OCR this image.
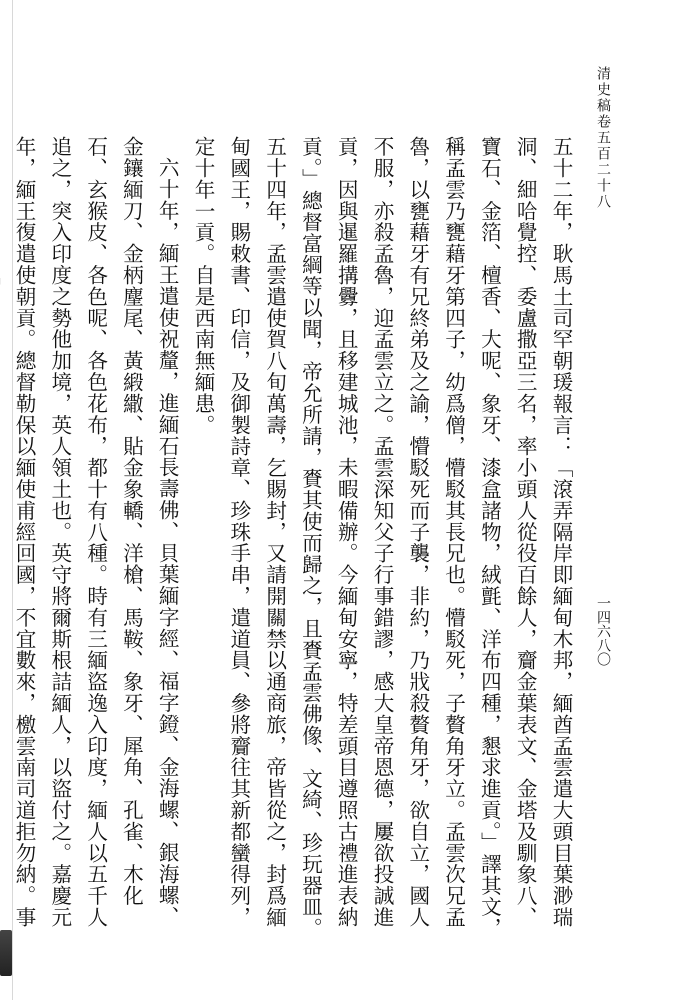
清史稿卷五百二十八
一四六八〇

五十二年，耿馬土司罕朝瑗報言：「滾弄隔岸即緬甸木邦，緬酋孟雲遣大頭目葉渺瑞洞、細哈覺控、委盧撒亞三名，率小頭人從役百餘人，齎金葉表文、金塔及馴象八、寶石、金箔、檀香、大呢、象牙、漆盒諸物，絨氈、洋布四種，懇求進貢。」譯其文，稱孟雲乃甕藉牙第四子，幼爲僧，懵駁其長兄也。懵駁死，子贅角牙立。孟雲次兄孟魯，以甕藉牙有兄終弟及之諭，懵駁死而子襲，非約，乃戕殺贅角牙，欲自立，國人不服，亦殺孟魯，迎孟雲立之。孟雲深知父子行事錯謬，感大皇帝恩德，屢欲投誠進貢，因與暹羅搆釁，且移建城池，未暇備辦。今緬甸安寧，特差頭目遵照古禮進表納貢。」總督富綱等以聞，帝允所請，賚其使而歸之，且賚孟雲佛像、文綺、珍玩器皿。五十四年，孟雲遣使賀八旬萬壽，乞賜封，又請開關禁以通商旅，帝皆從之，封爲緬甸國王，賜敕書、印信，及御製詩章、珍珠手串，遣道員、參將齎往其新都蠻得列，定十年一貢。自是西南無緬患。

六十年，緬王遣使祝釐，進緬石長壽佛、貝葉緬字經、福字鐙、金海螺、銀海螺、金鑲緬刀、金柄麈尾、黃緞繖、貼金象轎、洋槍、馬鞍、象牙、犀角、孔雀、木化石、玄猴皮、各色呢、各色花布，都十有八種。時有三緬盜逸入印度，緬人以五千人追之，突入印度之勢他加境，英人領土也。英守將爾斯根詰緬人，以盜付之。嘉慶元年，緬王復遣使朝貢。總督勒保以緬使甫經回國，不宜數來，檄雲南司道拒勿納。事
